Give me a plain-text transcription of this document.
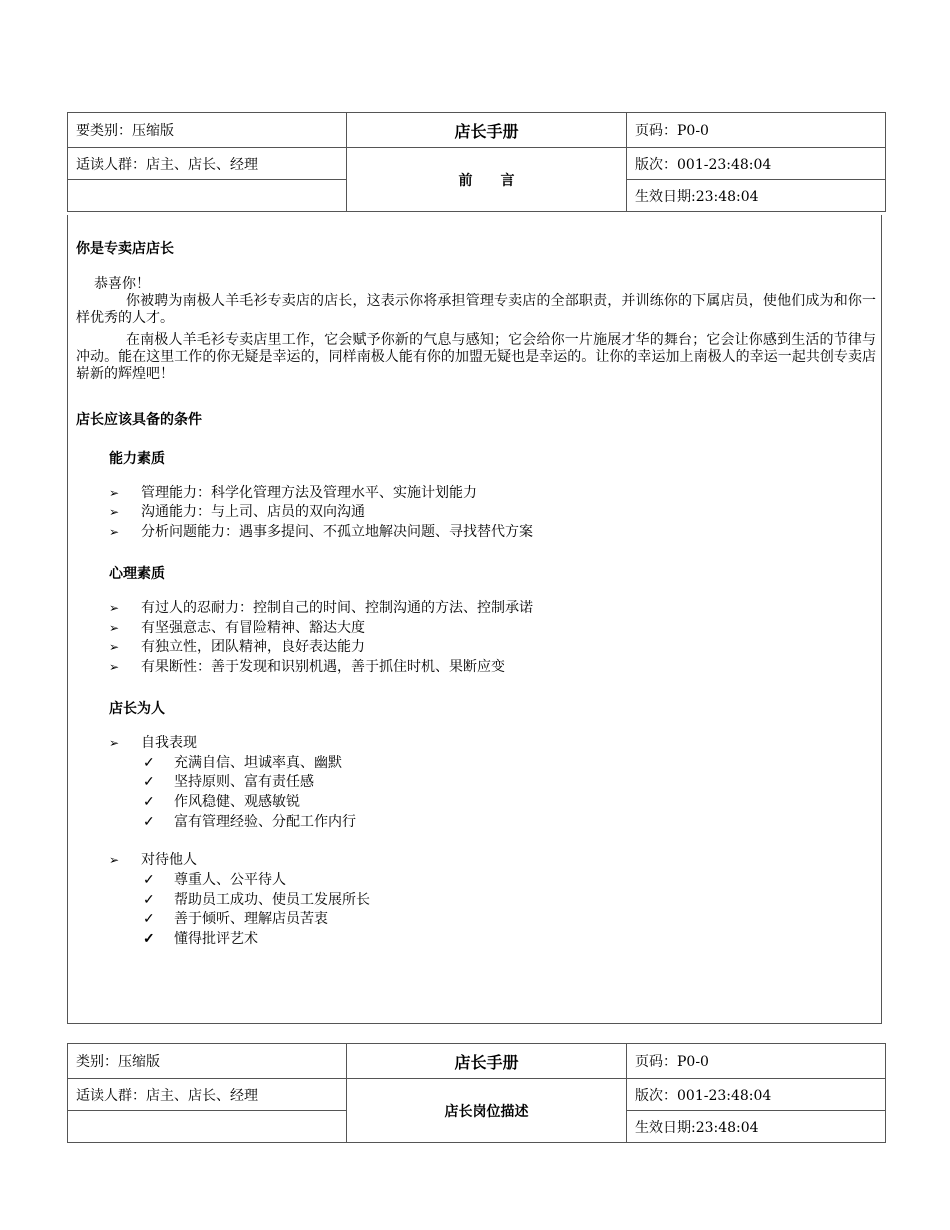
要类别：压缩版	店长手册	页码：P0-0
适读人群：店主、店长、经理	前　　言	版次：001-23:48:04
		生效日期:23:48:04
你是专卖店店长
恭喜你！
你被聘为南极人羊毛衫专卖店的店长，这表示你将承担管理专卖店的全部职责，并训练你的下属店员，使他们成为和你一样优秀的人才。
在南极人羊毛衫专卖店里工作，它会赋予你新的气息与感知；它会给你一片施展才华的舞台；它会让你感到生活的节律与冲动。能在这里工作的你无疑是幸运的，同样南极人能有你的加盟无疑也是幸运的。让你的幸运加上南极人的幸运一起共创专卖店崭新的辉煌吧！
店长应该具备的条件
能力素质
➢ 管理能力：科学化管理方法及管理水平、实施计划能力
➢ 沟通能力：与上司、店员的双向沟通
➢ 分析问题能力：遇事多提问、不孤立地解决问题、寻找替代方案
心理素质
➢ 有过人的忍耐力：控制自己的时间、控制沟通的方法、控制承诺
➢ 有坚强意志、有冒险精神、豁达大度
➢ 有独立性，团队精神，良好表达能力
➢ 有果断性：善于发现和识别机遇，善于抓住时机、果断应变
店长为人
➢ 自我表现
✓ 充满自信、坦诚率真、幽默
✓ 坚持原则、富有责任感
✓ 作风稳健、观感敏锐
✓ 富有管理经验、分配工作内行
➢ 对待他人
✓ 尊重人、公平待人
✓ 帮助员工成功、使员工发展所长
✓ 善于倾听、理解店员苦衷
✓ 懂得批评艺术
类别：压缩版	店长手册	页码：P0-0
适读人群：店主、店长、经理	店长岗位描述	版次：001-23:48:04
		生效日期:23:48:04
